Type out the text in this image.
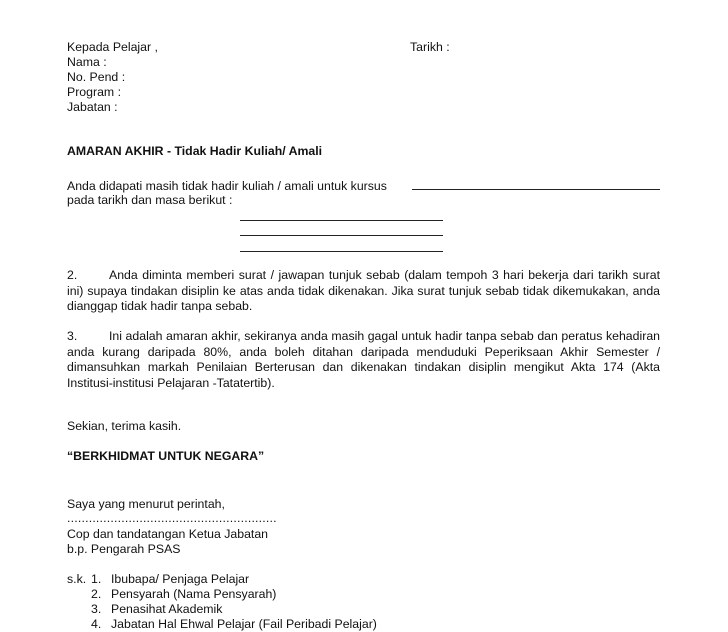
Kepada Pelajar ,	Tarikh :
Nama :
No. Pend :
Program :
Jabatan :
AMARAN AKHIR - Tidak Hadir Kuliah/ Amali
Anda didapati masih tidak hadir kuliah / amali untuk kursus
pada tarikh dan masa berikut :
2.	Anda diminta memberi surat / jawapan tunjuk sebab (dalam tempoh 3 hari bekerja dari tarikh surat ini) supaya tindakan disiplin ke atas anda tidak dikenakan. Jika surat tunjuk sebab tidak dikemukakan, anda dianggap tidak hadir tanpa sebab.
3.	Ini adalah amaran akhir, sekiranya anda masih gagal untuk hadir tanpa sebab dan peratus kehadiran anda kurang daripada 80%, anda boleh ditahan daripada menduduki Peperiksaan Akhir Semester / dimansuhkan markah Penilaian Berterusan dan dikenakan tindakan disiplin mengikut Akta 174 (Akta Institusi-institusi Pelajaran -Tatatertib).
Sekian, terima kasih.
“BERKHIDMAT UNTUK NEGARA”
Saya yang menurut perintah,
..........................................................
Cop dan tandatangan Ketua Jabatan
b.p. Pengarah PSAS
s.k. 1. Ibubapa/ Penjaga Pelajar
2. Pensyarah (Nama Pensyarah)
3. Penasihat Akademik
4. Jabatan Hal Ehwal Pelajar (Fail Peribadi Pelajar)
